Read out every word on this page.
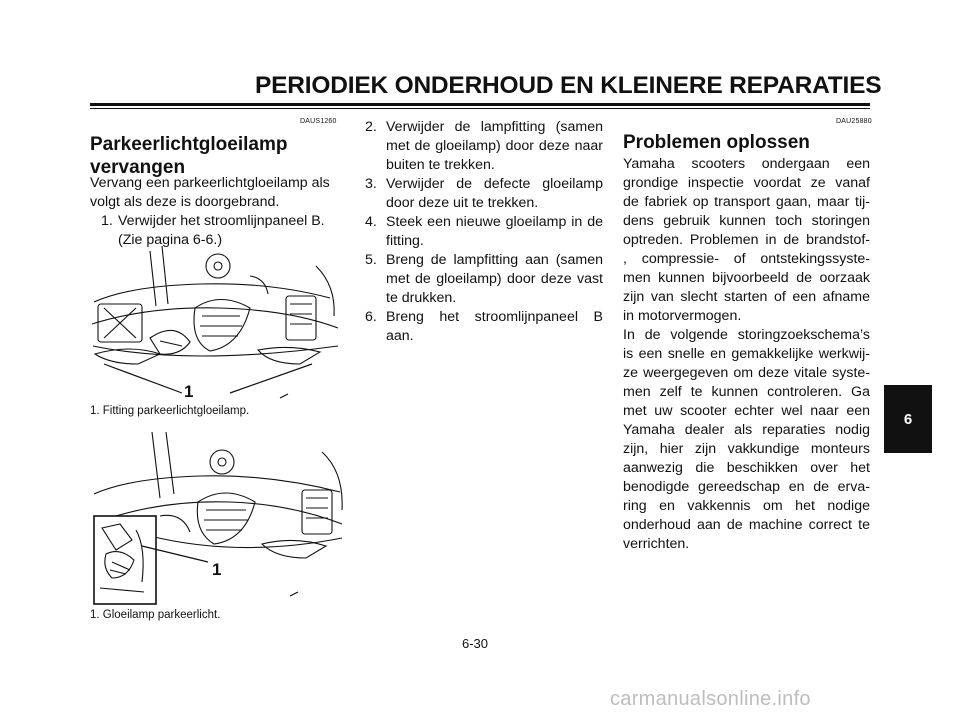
PERIODIEK ONDERHOUD EN KLEINERE REPARATIES
DAUS1260
Parkeerlichtgloeilamp
vervangen
Vervang een parkeerlichtgloeilamp als
volgt als deze is doorgebrand.
1. Verwijder het stroomlijnpaneel B.
(Zie pagina 6-6.)
1
1. Fitting parkeerlichtgloeilamp.
1
1. Gloeilamp parkeerlicht.
2. Verwijder de lampfitting (samen
met de gloeilamp) door deze naar
buiten te trekken.
3. Verwijder de defecte gloeilamp
door deze uit te trekken.
4. Steek een nieuwe gloeilamp in de
fitting.
5. Breng de lampfitting aan (samen
met de gloeilamp) door deze vast
te drukken.
6. Breng het stroomlijnpaneel B
aan.
DAU25880
Problemen oplossen
Yamaha scooters ondergaan een
grondige inspectie voordat ze vanaf
de fabriek op transport gaan, maar tij-
dens gebruik kunnen toch storingen
optreden. Problemen in de brandstof-
, compressie- of ontstekingssyste-
men kunnen bijvoorbeeld de oorzaak
zijn van slecht starten of een afname
in motorvermogen.
In de volgende storingzoekschema’s
is een snelle en gemakkelijke werkwij-
ze weergegeven om deze vitale syste-
men zelf te kunnen controleren. Ga
met uw scooter echter wel naar een
Yamaha dealer als reparaties nodig
zijn, hier zijn vakkundige monteurs
aanwezig die beschikken over het
benodigde gereedschap en de erva-
ring en vakkennis om het nodige
onderhoud aan de machine correct te
verrichten.
6-30
6
carmanualsonline.info
